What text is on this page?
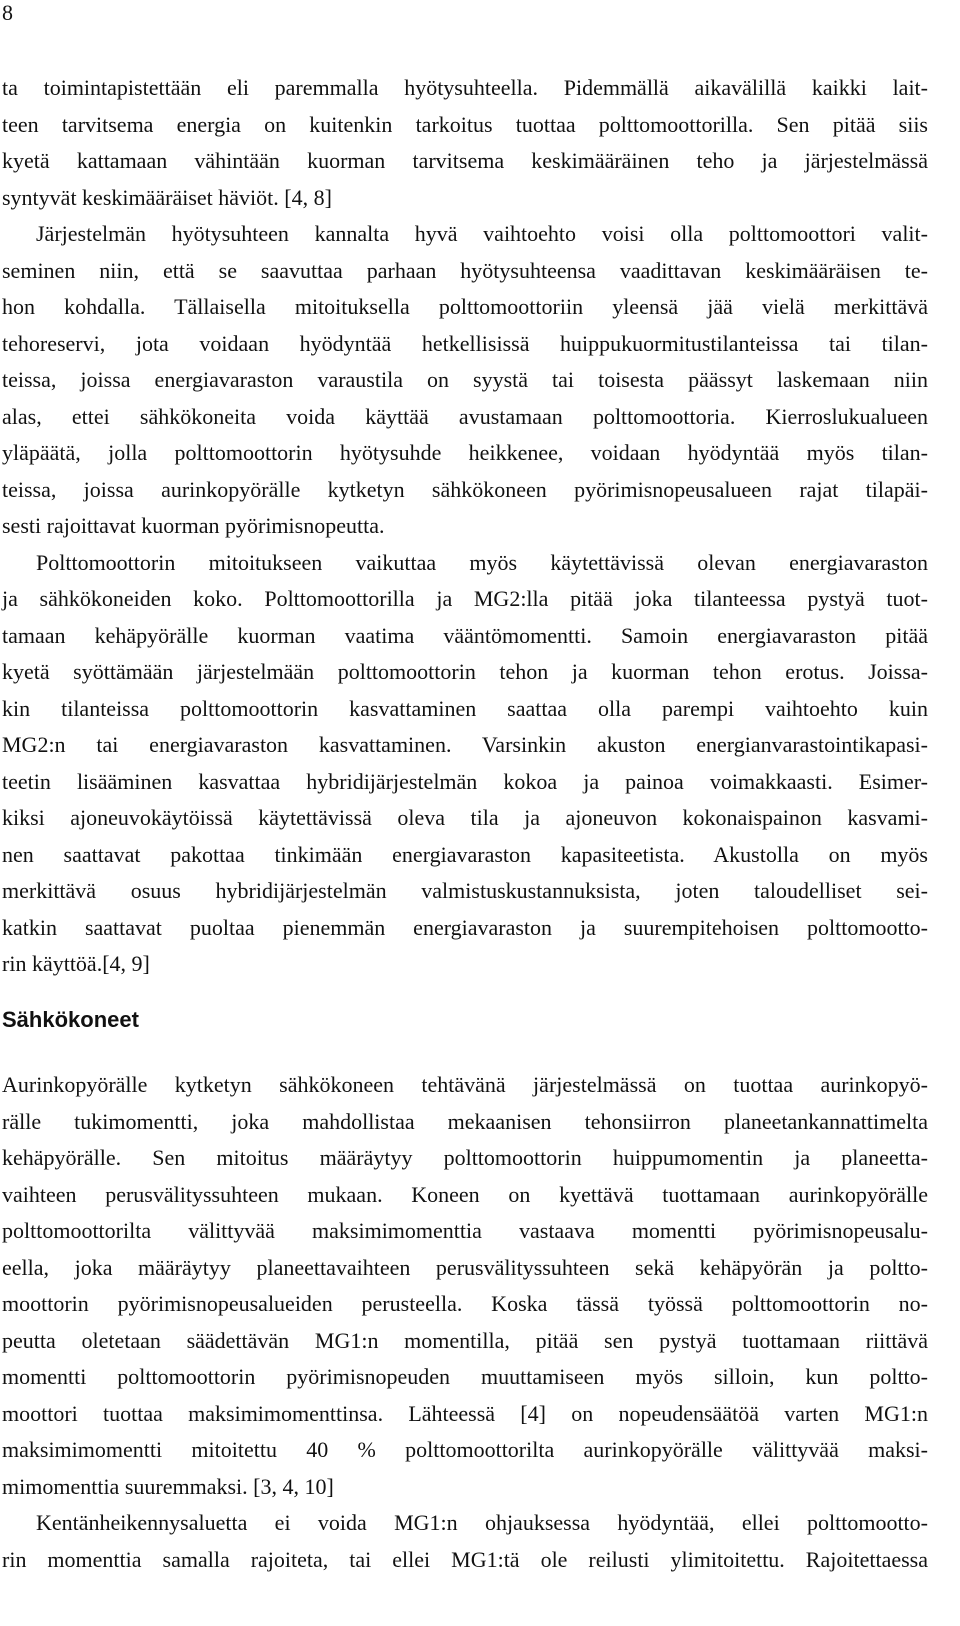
8
ta toimintapistettään eli paremmalla hyötysuhteella. Pidemmällä aikavälillä kaikki lait-
teen tarvitsema energia on kuitenkin tarkoitus tuottaa polttomoottorilla. Sen pitää siis
kyetä kattamaan vähintään kuorman tarvitsema keskimääräinen teho ja järjestelmässä
syntyvät keskimääräiset häviöt. [4, 8]
Järjestelmän hyötysuhteen kannalta hyvä vaihtoehto voisi olla polttomoottori valit-
seminen niin, että se saavuttaa parhaan hyötysuhteensa vaadittavan keskimääräisen te-
hon kohdalla. Tällaisella mitoituksella polttomoottoriin yleensä jää vielä merkittävä
tehoreservi, jota voidaan hyödyntää hetkellisissä huippukuormitustilanteissa tai tilan-
teissa, joissa energiavaraston varaustila on syystä tai toisesta päässyt laskemaan niin
alas, ettei sähkökoneita voida käyttää avustamaan polttomoottoria. Kierroslukualueen
yläpäätä, jolla polttomoottorin hyötysuhde heikkenee, voidaan hyödyntää myös tilan-
teissa, joissa aurinkopyörälle kytketyn sähkökoneen pyörimisnopeusalueen rajat tilapäi-
sesti rajoittavat kuorman pyörimisnopeutta.
Polttomoottorin mitoitukseen vaikuttaa myös käytettävissä olevan energiavaraston
ja sähkökoneiden koko. Polttomoottorilla ja MG2:lla pitää joka tilanteessa pystyä tuot-
tamaan kehäpyörälle kuorman vaatima vääntömomentti. Samoin energiavaraston pitää
kyetä syöttämään järjestelmään polttomoottorin tehon ja kuorman tehon erotus. Joissa-
kin tilanteissa polttomoottorin kasvattaminen saattaa olla parempi vaihtoehto kuin
MG2:n tai energiavaraston kasvattaminen. Varsinkin akuston energianvarastointikapasi-
teetin lisääminen kasvattaa hybridijärjestelmän kokoa ja painoa voimakkaasti. Esimer-
kiksi ajoneuvokäytöissä käytettävissä oleva tila ja ajoneuvon kokonaispainon kasvami-
nen saattavat pakottaa tinkimään energiavaraston kapasiteetista. Akustolla on myös
merkittävä osuus hybridijärjestelmän valmistuskustannuksista, joten taloudelliset sei-
katkin saattavat puoltaa pienemmän energiavaraston ja suurempitehoisen polttomootto-
rin käyttöä.[4, 9]
Sähkökoneet
Aurinkopyörälle kytketyn sähkökoneen tehtävänä järjestelmässä on tuottaa aurinkopyö-
rälle tukimomentti, joka mahdollistaa mekaanisen tehonsiirron planeetankannattimelta
kehäpyörälle. Sen mitoitus määräytyy polttomoottorin huippumomentin ja planeetta-
vaihteen perusvälityssuhteen mukaan. Koneen on kyettävä tuottamaan aurinkopyörälle
polttomoottorilta välittyvää maksimimomenttia vastaava momentti pyörimisnopeusalu-
eella, joka määräytyy planeettavaihteen perusvälityssuhteen sekä kehäpyörän ja poltto-
moottorin pyörimisnopeusalueiden perusteella. Koska tässä työssä polttomoottorin no-
peutta oletetaan säädettävän MG1:n momentilla, pitää sen pystyä tuottamaan riittävä
momentti polttomoottorin pyörimisnopeuden muuttamiseen myös silloin, kun poltto-
moottori tuottaa maksimimomenttinsa. Lähteessä [4] on nopeudensäätöä varten MG1:n
maksimimomentti mitoitettu 40 % polttomoottorilta aurinkopyörälle välittyvää maksi-
mimomenttia suuremmaksi. [3, 4, 10]
Kentänheikennysaluetta ei voida MG1:n ohjauksessa hyödyntää, ellei polttomootto-
rin momenttia samalla rajoiteta, tai ellei MG1:tä ole reilusti ylimitoitettu. Rajoitettaessa
